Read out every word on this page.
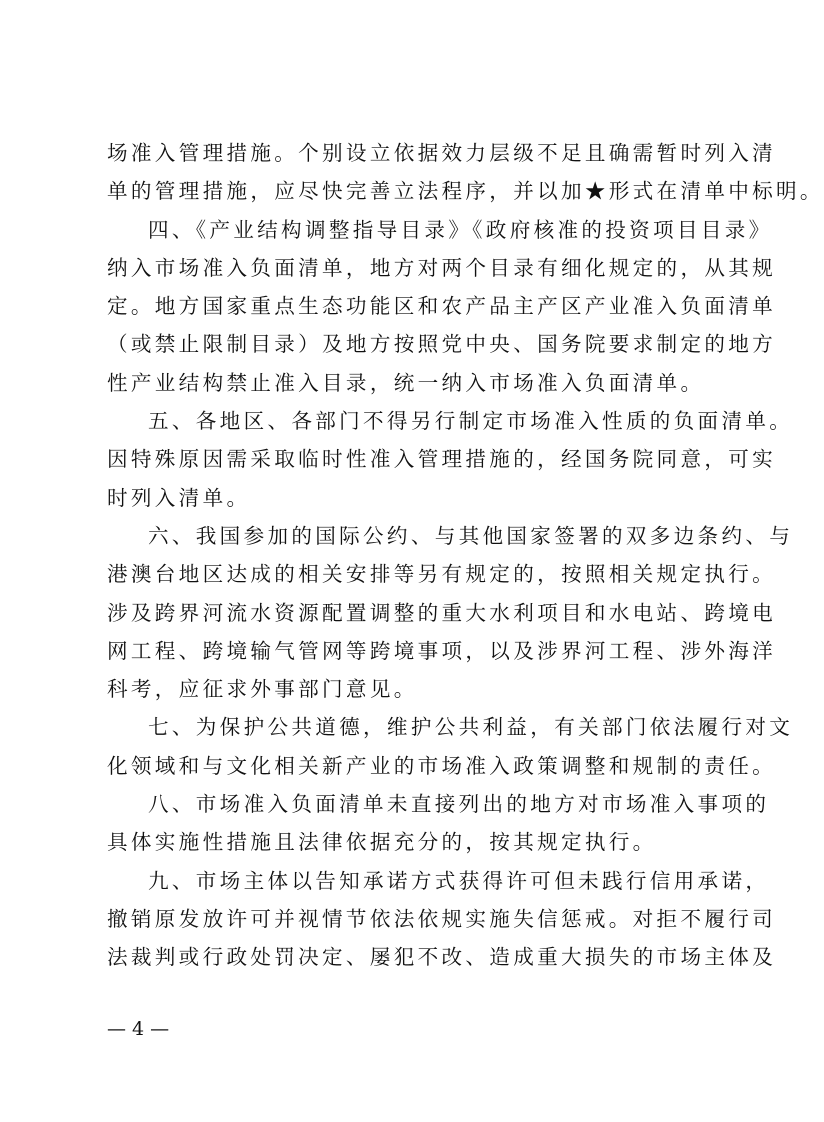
场准入管理措施。个别设立依据效力层级不足且确需暂时列入清
单的管理措施，应尽快完善立法程序，并以加★形式在清单中标明。
四、《产业结构调整指导目录》《政府核准的投资项目目录》
纳入市场准入负面清单，地方对两个目录有细化规定的，从其规
定。地方国家重点生态功能区和农产品主产区产业准入负面清单
（或禁止限制目录）及地方按照党中央、国务院要求制定的地方
性产业结构禁止准入目录，统一纳入市场准入负面清单。
五、各地区、各部门不得另行制定市场准入性质的负面清单。
因特殊原因需采取临时性准入管理措施的，经国务院同意，可实
时列入清单。
六、我国参加的国际公约、与其他国家签署的双多边条约、与
港澳台地区达成的相关安排等另有规定的，按照相关规定执行。
涉及跨界河流水资源配置调整的重大水利项目和水电站、跨境电
网工程、跨境输气管网等跨境事项，以及涉界河工程、涉外海洋
科考，应征求外事部门意见。
七、为保护公共道德，维护公共利益，有关部门依法履行对文
化领域和与文化相关新产业的市场准入政策调整和规制的责任。
八、市场准入负面清单未直接列出的地方对市场准入事项的
具体实施性措施且法律依据充分的，按其规定执行。
九、市场主体以告知承诺方式获得许可但未践行信用承诺，
撤销原发放许可并视情节依法依规实施失信惩戒。对拒不履行司
法裁判或行政处罚决定、屡犯不改、造成重大损失的市场主体及
— 4 —
